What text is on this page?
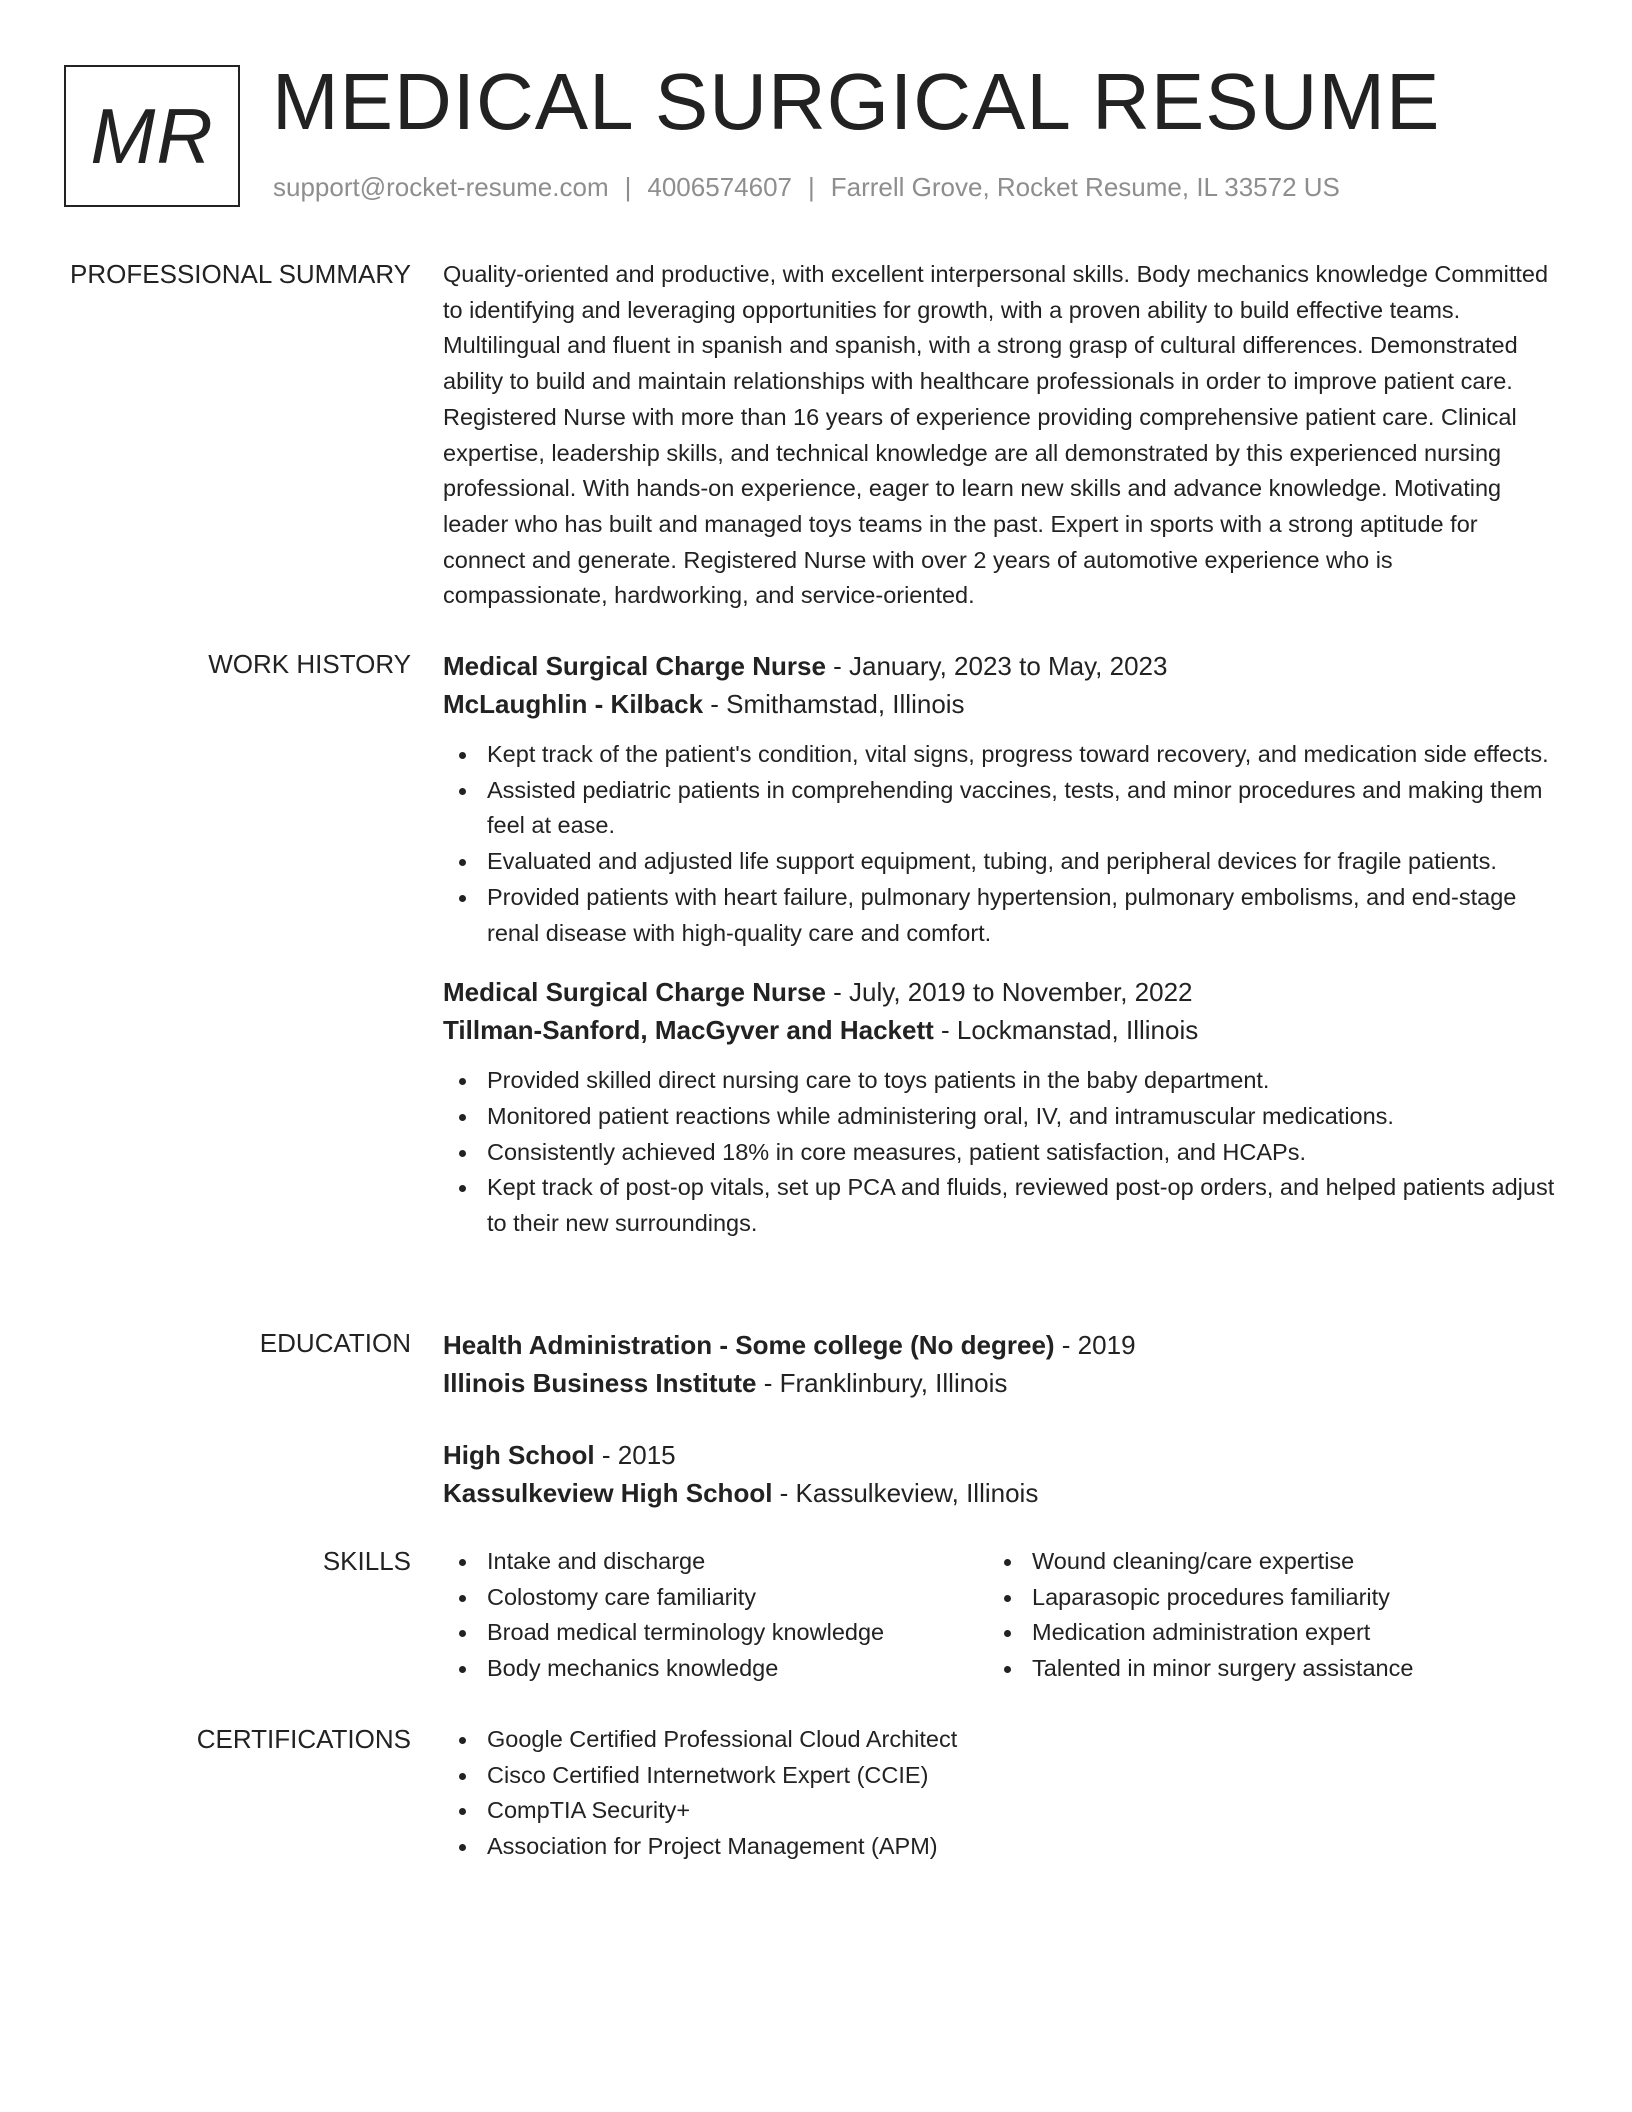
MR MEDICAL SURGICAL RESUME
support@rocket-resume.com | 4006574607 | Farrell Grove, Rocket Resume, IL 33572 US
PROFESSIONAL SUMMARY Quality-oriented and productive, with excellent interpersonal skills. Body mechanics knowledge Committed to identifying and leveraging opportunities for growth, with a proven ability to build effective teams. Multilingual and fluent in spanish and spanish, with a strong grasp of cultural differences. Demonstrated ability to build and maintain relationships with healthcare professionals in order to improve patient care. Registered Nurse with more than 16 years of experience providing comprehensive patient care. Clinical expertise, leadership skills, and technical knowledge are all demonstrated by this experienced nursing professional. With hands-on experience, eager to learn new skills and advance knowledge. Motivating leader who has built and managed toys teams in the past. Expert in sports with a strong aptitude for connect and generate. Registered Nurse with over 2 years of automotive experience who is compassionate, hardworking, and service-oriented.

WORK HISTORY Medical Surgical Charge Nurse - January, 2023 to May, 2023
McLaughlin - Kilback - Smithamstad, Illinois
Kept track of the patient's condition, vital signs, progress toward recovery, and medication side effects.
Assisted pediatric patients in comprehending vaccines, tests, and minor procedures and making them feel at ease.
Evaluated and adjusted life support equipment, tubing, and peripheral devices for fragile patients.
Provided patients with heart failure, pulmonary hypertension, pulmonary embolisms, and end-stage renal disease with high-quality care and comfort.
Medical Surgical Charge Nurse - July, 2019 to November, 2022
Tillman-Sanford, MacGyver and Hackett - Lockmanstad, Illinois
Provided skilled direct nursing care to toys patients in the baby department.
Monitored patient reactions while administering oral, IV, and intramuscular medications.
Consistently achieved 18% in core measures, patient satisfaction, and HCAPs.
Kept track of post-op vitals, set up PCA and fluids, reviewed post-op orders, and helped patients adjust to their new surroundings.
EDUCATION Health Administration - Some college (No degree) - 2019
Illinois Business Institute - Franklinbury, Illinois
High School - 2015
Kassulkeview High School - Kassulkeview, Illinois
SKILLS	Intake and discharge
Colostomy care familiarity
Broad medical terminology knowledge
Body mechanics knowledge
Wound cleaning/care expertise
Laparasopic procedures familiarity
Medication administration expert
Talented in minor surgery assistance
CERTIFICATIONS	Google Certified Professional Cloud Architect
Cisco Certified Internetwork Expert (CCIE)
CompTIA Security+
Association for Project Management (APM)
